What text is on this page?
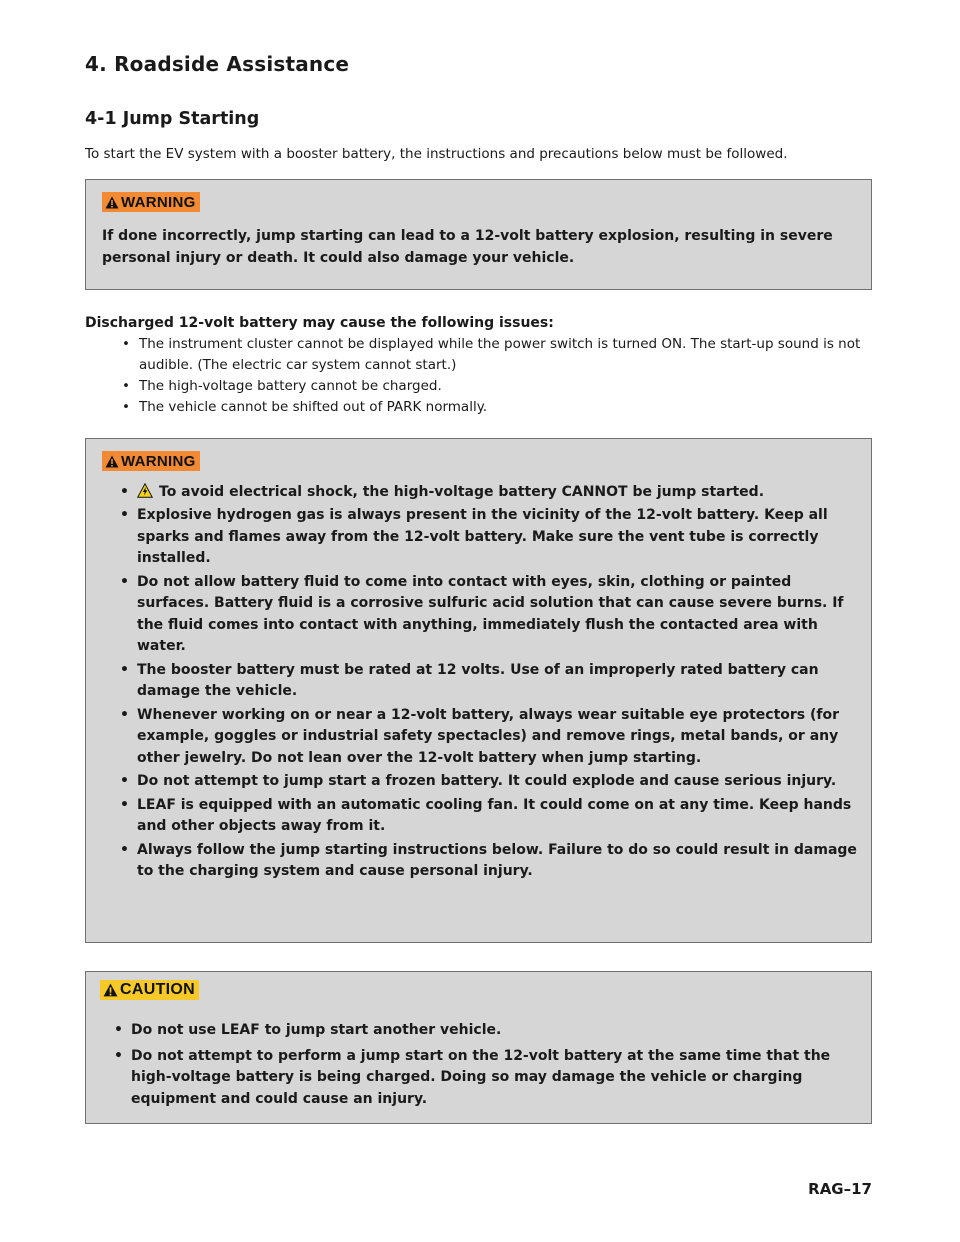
4. Roadside Assistance
4-1 Jump Starting

To start the EV system with a booster battery, the instructions and precautions below must be followed.

WARNING
If done incorrectly, jump starting can lead to a 12-volt battery explosion, resulting in severe personal injury or death. It could also damage your vehicle.

Discharged 12-volt battery may cause the following issues:

• The instrument cluster cannot be displayed while the power switch is turned ON. The start-up sound is not audible. (The electric car system cannot start.)
• The high-voltage battery cannot be charged.
• The vehicle cannot be shifted out of PARK normally.
WARNING
• To avoid electrical shock, the high-voltage battery CANNOT be jump started.
• Explosive hydrogen gas is always present in the vicinity of the 12-volt battery. Keep all sparks and flames away from the 12-volt battery. Make sure the vent tube is correctly installed.
• Do not allow battery fluid to come into contact with eyes, skin, clothing or painted surfaces. Battery fluid is a corrosive sulfuric acid solution that can cause severe burns. If the fluid comes into contact with anything, immediately flush the contacted area with water.
• The booster battery must be rated at 12 volts. Use of an improperly rated battery can damage the vehicle.
• Whenever working on or near a 12-volt battery, always wear suitable eye protectors (for example, goggles or industrial safety spectacles) and remove rings, metal bands, or any other jewelry. Do not lean over the 12-volt battery when jump starting.
• Do not attempt to jump start a frozen battery. It could explode and cause serious injury.
• LEAF is equipped with an automatic cooling fan. It could come on at any time. Keep hands and other objects away from it.
• Always follow the jump starting instructions below. Failure to do so could result in damage to the charging system and cause personal injury.
CAUTION
• Do not use LEAF to jump start another vehicle.
• Do not attempt to perform a jump start on the 12-volt battery at the same time that the high-voltage battery is being charged. Doing so may damage the vehicle or charging equipment and could cause an injury.
RAG–17
